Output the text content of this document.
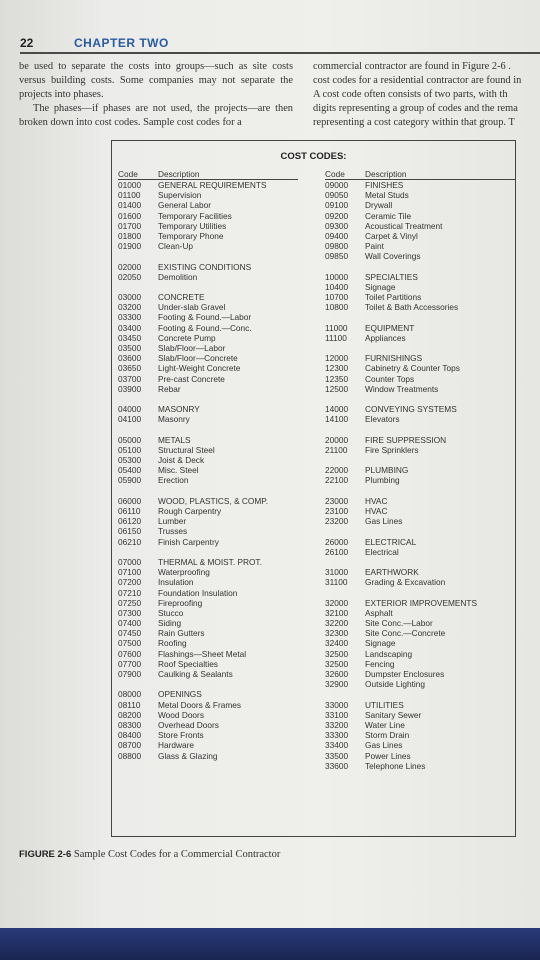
22	CHAPTER TWO

be used to separate the costs into groups—such as site costs versus building costs. Some companies may not separate the projects into phases.

The phases—if phases are not used, the projects—are then broken down into cost codes. Sample cost codes for a

commercial contractor are found in Figure 2-6 .
cost codes for a residential contractor are found in
A cost code often consists of two parts, with th
digits representing a group of codes and the rema
representing a cost category within that group. T
COST CODES:
Code	Description
01000 GENERAL REQUIREMENTS
01100 Supervision
01400 General Labor
01600 Temporary Facilities
01700 Temporary Utilities
01800 Temporary Phone
01900 Clean-Up
02000 EXISTING CONDITIONS
02050 Demolition
03000 CONCRETE
03200 Under-slab Gravel
03300 Footing & Found.—Labor
03400 Footing & Found.—Conc.
03450 Concrete Pump
03500 Slab/Floor—Labor
03600 Slab/Floor—Concrete
03650 Light-Weight Concrete
03700 Pre-cast Concrete
03900 Rebar
04000 MASONRY
04100 Masonry
05000 METALS
05100 Structural Steel
05300 Joist & Deck
05400 Misc. Steel
05900 Erection
06000 WOOD, PLASTICS, & COMP.
06110 Rough Carpentry
06120 Lumber
06150 Trusses
06210 Finish Carpentry
07000 THERMAL & MOIST. PROT.
07100 Waterproofing
07200 Insulation
07210 Foundation Insulation
07250 Fireproofing
07300 Stucco
07400 Siding
07450 Rain Gutters
07500 Roofing
07600 Flashings—Sheet Metal
07700 Roof Specialties
07900 Caulking & Sealants
08000 OPENINGS
08110 Metal Doors & Frames
08200 Wood Doors
08300 Overhead Doors
08400 Store Fronts
08700 Hardware
08800 Glass & Glazing
Code	Description
09000 FINISHES
09050 Metal Studs
09100 Drywall
09200 Ceramic Tile
09300 Acoustical Treatment
09400 Carpet & Vinyl
09800 Paint
09850 Wall Coverings
10000 SPECIALTIES
10400 Signage
10700 Toilet Partitions
10800 Toilet & Bath Accessories
11000 EQUIPMENT
11100 Appliances
12000 FURNISHINGS
12300 Cabinetry & Counter Tops
12350 Counter Tops
12500 Window Treatments
14000 CONVEYING SYSTEMS
14100 Elevators
20000 FIRE SUPPRESSION
21100 Fire Sprinklers
22000 PLUMBING
22100 Plumbing
23000 HVAC
23100 HVAC
23200 Gas Lines
26000 ELECTRICAL
26100 Electrical
31000 EARTHWORK
31100 Grading & Excavation
32000 EXTERIOR IMPROVEMENTS
32100 Asphalt
32200 Site Conc.—Labor
32300 Site Conc.—Concrete
32400 Signage
32500 Landscaping
32500 Fencing
32600 Dumpster Enclosures
32900 Outside Lighting
33000 UTILITIES
33100 Sanitary Sewer
33200 Water Line
33300 Storm Drain
33400 Gas Lines
33500 Power Lines
33600 Telephone Lines
FIGURE 2-6 Sample Cost Codes for a Commercial Contractor
